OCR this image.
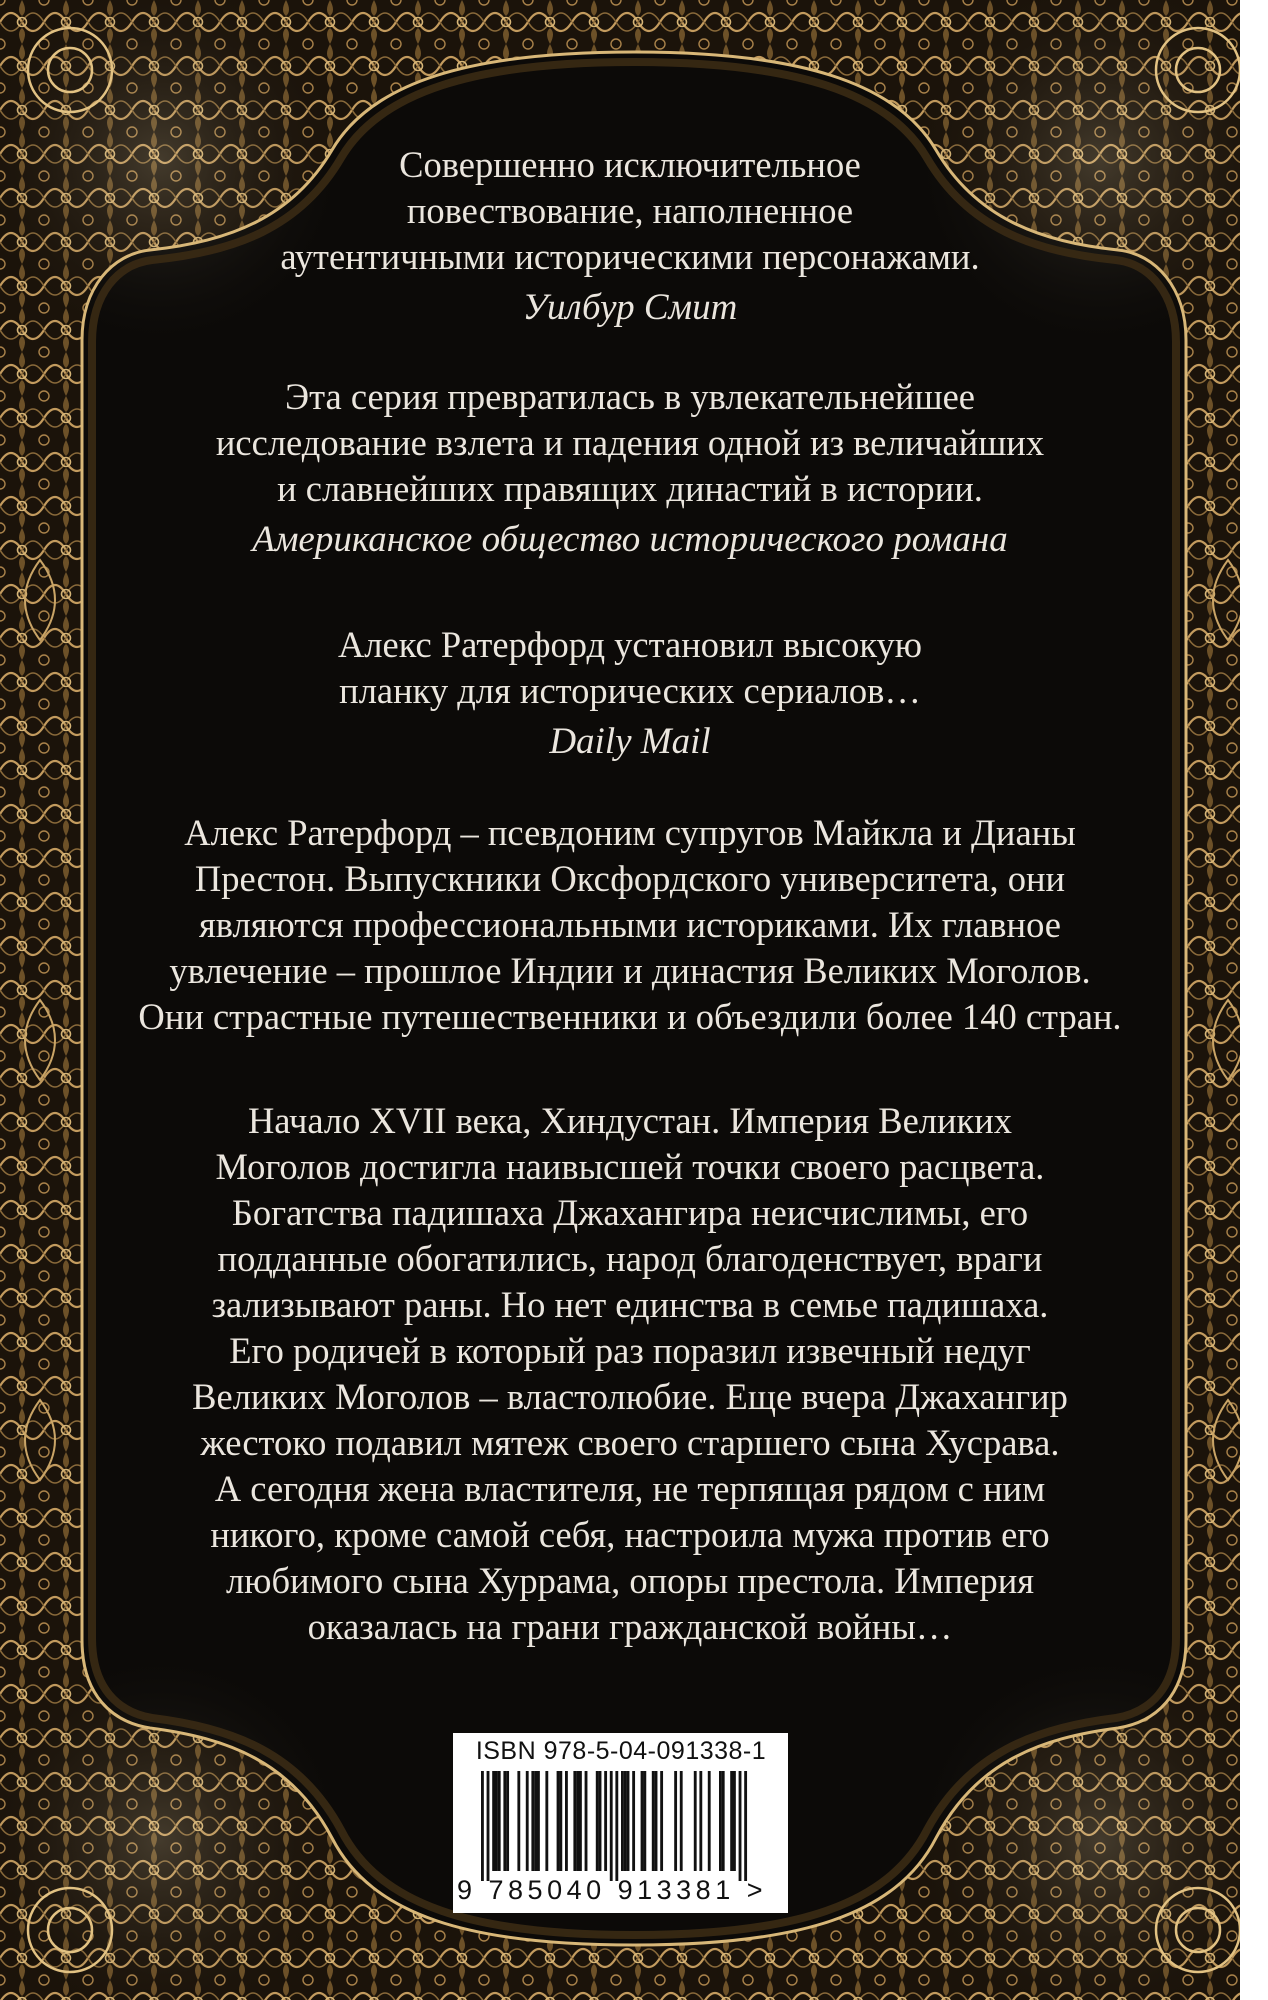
Совершенно исключительное
повествование, наполненное
аутентичными историческими персонажами.
Уилбур Смит
Эта серия превратилась в увлекательнейшее
исследование взлета и падения одной из величайших
и славнейших правящих династий в истории.
Американское общество исторического романа
Алекс Ратерфорд установил высокую
планку для исторических сериалов…
Daily Mail
Алекс Ратерфорд – псевдоним супругов Майкла и Дианы
Престон. Выпускники Оксфордского университета, они
являются профессиональными историками. Их главное
увлечение – прошлое Индии и династия Великих Моголов.
Они страстные путешественники и объездили более 140 стран.
Начало XVII века, Хиндустан. Империя Великих
Моголов достигла наивысшей точки своего расцвета.
Богатства падишаха Джахангира неисчислимы, его
подданные обогатились, народ благоденствует, враги
зализывают раны. Но нет единства в семье падишаха.
Его родичей в который раз поразил извечный недуг
Великих Моголов – властолюбие. Еще вчера Джахангир
жестоко подавил мятеж своего старшего сына Хусрава.
А сегодня жена властителя, не терпящая рядом с ним
никого, кроме самой себя, настроила мужа против его
любимого сына Хуррама, опоры престола. Империя
оказалась на грани гражданской войны…
ISBN 978-5-04-091338-1
9 785040 913381 >
